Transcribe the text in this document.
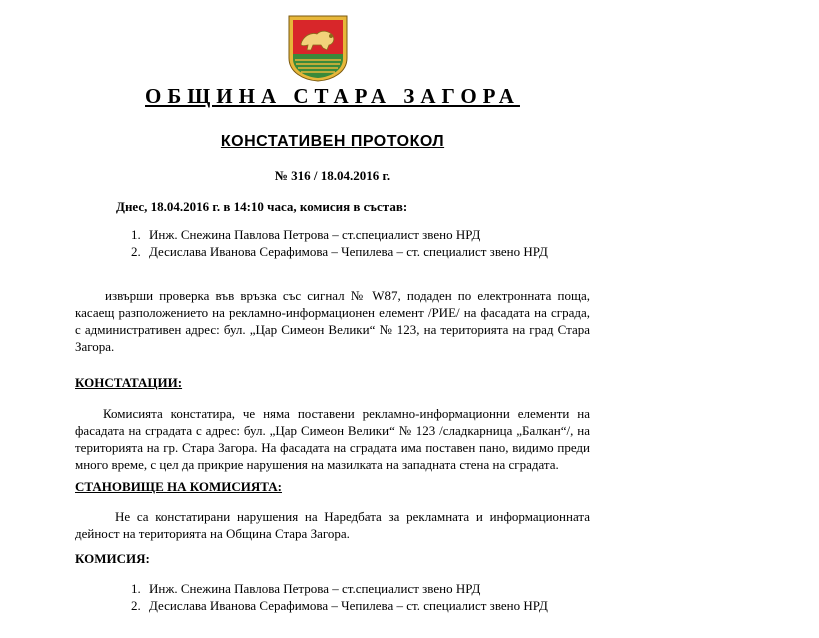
ОБЩИНА СТАРА ЗАГОРА
КОНСТАТИВЕН ПРОТОКОЛ
№ 316 / 18.04.2016 г.
Днес, 18.04.2016 г. в 14:10 часа, комисия в състав:
1. Инж. Снежина Павлова Петрова – ст.специалист звено НРД
2. Десислава Иванова Серафимова – Чепилева – ст. специалист звено НРД

извърши проверка във връзка със сигнал № W87, подаден по електронната поща, касаещ разположението на рекламно-информационен елемент /РИЕ/ на фасадата на сграда, с административен адрес: бул. „Цар Симеон Велики“ № 123, на територията на град Стара Загора.

КОНСТАТАЦИИ:

Комисията констатира, че няма поставени рекламно-информационни елементи на фасадата на сградата с адрес: бул. „Цар Симеон Велики“ № 123 /сладкарница „Балкан“/, на територията на гр. Стара Загора. На фасадата на сградата има поставен пано, видимо преди много време, с цел да прикрие нарушения на мазилката на западната стена на сградата.

СТАНОВИЩЕ НА КОМИСИЯТА:

Не са констатирани нарушения на Наредбата за рекламната и информационната дейност на територията на Община Стара Загора.

КОМИСИЯ:
1. Инж. Снежина Павлова Петрова – ст.специалист звено НРД
2. Десислава Иванова Серафимова – Чепилева – ст. специалист звено НРД
